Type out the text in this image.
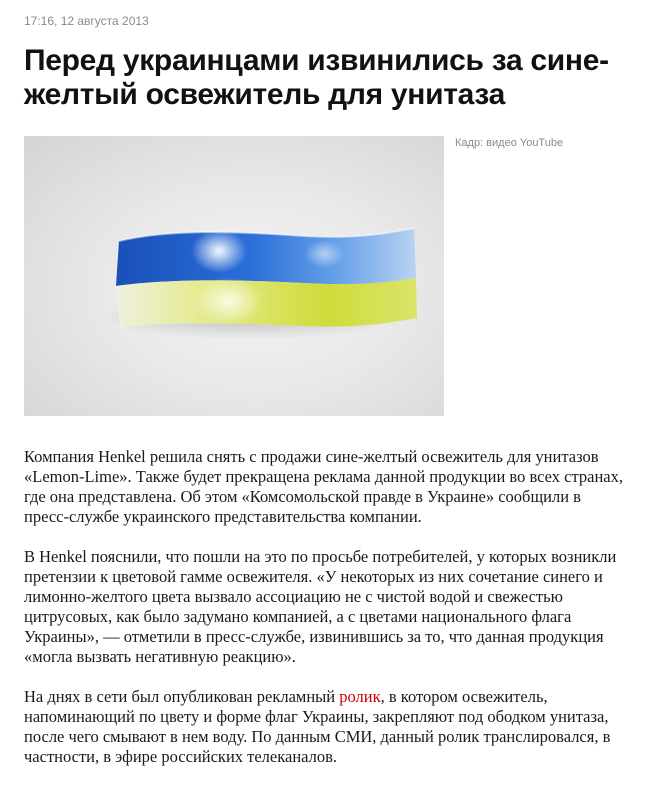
17:16, 12 августа 2013
Перед украинцами извинились за сине-желтый освежитель для унитаза
Кадр: видео YouTube

Компания Henkel решила снять с продажи сине-желтый освежитель для унитазов «Lemon-Lime». Также будет прекращена реклама данной продукции во всех странах, где она представлена. Об этом «Комсомольской правде в Украине» сообщили в пресс-службе украинского представительства компании.

В Henkel пояснили, что пошли на это по просьбе потребителей, у которых возникли претензии к цветовой гамме освежителя. «У некоторых из них сочетание синего и лимонно-желтого цвета вызвало ассоциацию не с чистой водой и свежестью цитрусовых, как было задумано компанией, а с цветами национального флага Украины», — отметили в пресс-службе, извинившись за то, что данная продукция «могла вызвать негативную реакцию».

На днях в сети был опубликован рекламный ролик, в котором освежитель, напоминающий по цвету и форме флаг Украины, закрепляют под ободком унитаза, после чего смывают в нем воду. По данным СМИ, данный ролик транслировался, в частности, в эфире российских телеканалов.
